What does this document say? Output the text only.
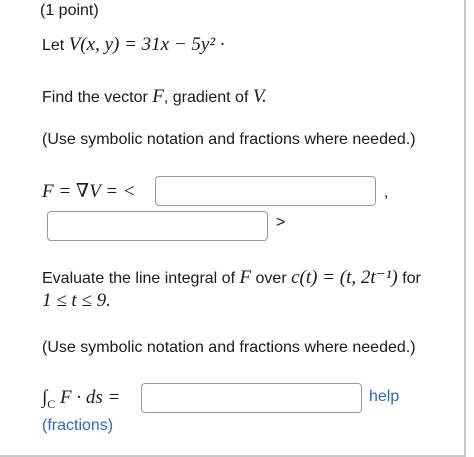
(1 point)
Let V(x, y) = 31x − 5y² ·
Find the vector F, gradient of V.
(Use symbolic notation and fractions where needed.)
F = ∇V = <	,
>
Evaluate the line integral of F over c(t) = (t, 2t⁻¹) for
1 ≤ t ≤ 9.
(Use symbolic notation and fractions where needed.)
$\int_C$ F · ds =	help
(fractions)
